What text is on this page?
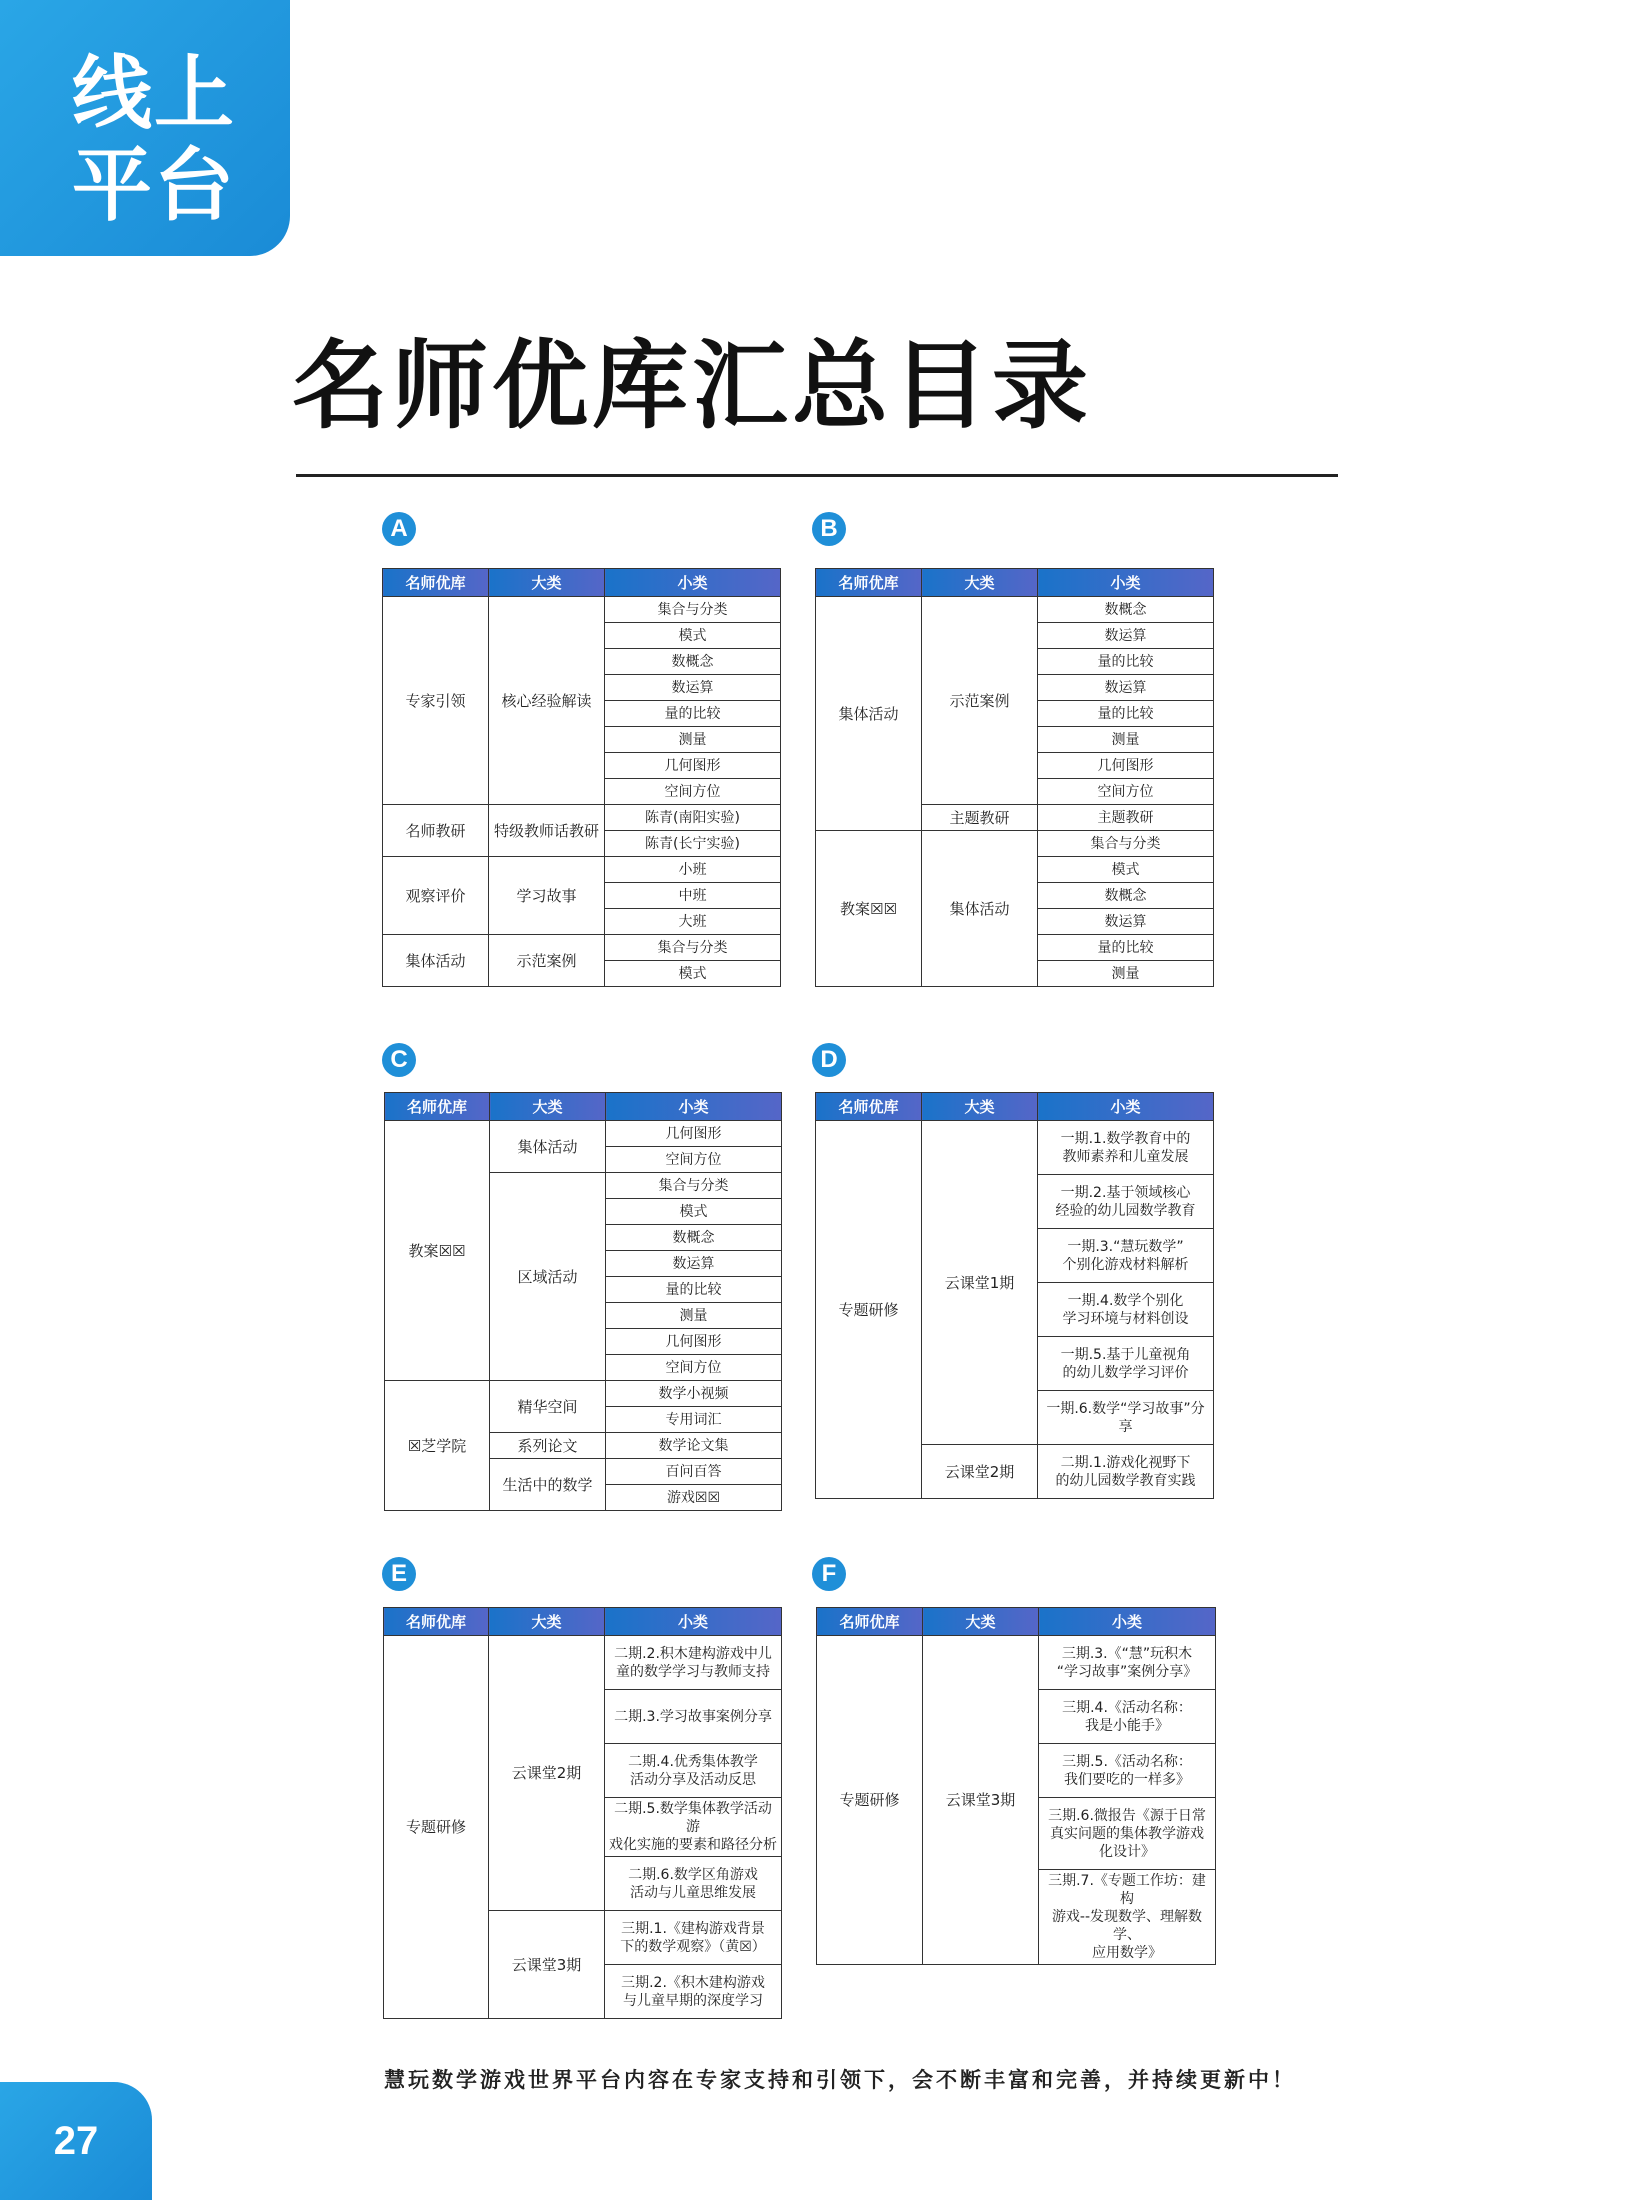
线上
平台
名师优库汇总目录
A	B
C	D
E	F
名师优库	大类	小类
专家引领	核心经验解读	集合与分类
		模式
		数概念
		数运算
		量的比较
		测量
		几何图形
		空间方位
名师教研	特级教师话教研	陈青(南阳实验)
		陈青(长宁实验)
观察评价	学习故事	小班
		中班
		大班
集体活动	示范案例	集合与分类
		模式
名师优库	大类	小类
集体活动	示范案例	数概念
		数运算
		量的比较
		数运算
		量的比较
		测量
		几何图形
		空间方位
	主题教研	主题教研
教案☒☒	集体活动	集合与分类
		模式
		数概念
		数运算
		量的比较
		测量
名师优库	大类	小类
教案☒☒	集体活动	几何图形
		空间方位
	区域活动	集合与分类
		模式
		数概念
		数运算
		量的比较
		测量
		几何图形
		空间方位
☒芝学院	精华空间	数学小视频
		专用词汇
	系列论文	数学论文集
	生活中的数学	百问百答
		游戏☒☒
名师优库	大类	小类
专题研修	云课堂1期	一期.1.数学教育中的
教师素养和儿童发展
		一期.2.基于领域核心
经验的幼儿园数学教育
		一期.3.“慧玩数学”
个别化游戏材料解析
		一期.4.数学个别化
学习环境与材料创设
		一期.5.基于儿童视角
的幼儿数学学习评价
		一期.6.数学“学习故事”分享
	云课堂2期	二期.1.游戏化视野下
的幼儿园数学教育实践
名师优库	大类	小类
专题研修	云课堂2期	二期.2.积木建构游戏中儿
童的数学学习与教师支持
		二期.3.学习故事案例分享
		二期.4.优秀集体教学
活动分享及活动反思
		二期.5.数学集体教学活动游
戏化实施的要素和路径分析
		二期.6.数学区角游戏
活动与儿童思维发展
	云课堂3期	三期.1.《建构游戏背景
下的数学观察》（黄☒）
		三期.2.《积木建构游戏
与儿童早期的深度学习
名师优库	大类	小类
专题研修	云课堂3期	三期.3.《“慧”玩积木
“学习故事”案例分享》
		三期.4.《活动名称：
我是小能手》
		三期.5.《活动名称：
我们要吃的一样多》
		三期.6.微报告《源于日常
真实问题的集体教学游戏
化设计》
		三期.7.《专题工作坊：建构
游戏--发现数学、理解数学、
应用数学》
慧玩数学游戏世界平台内容在专家支持和引领下，会不断丰富和完善，并持续更新中！
27
